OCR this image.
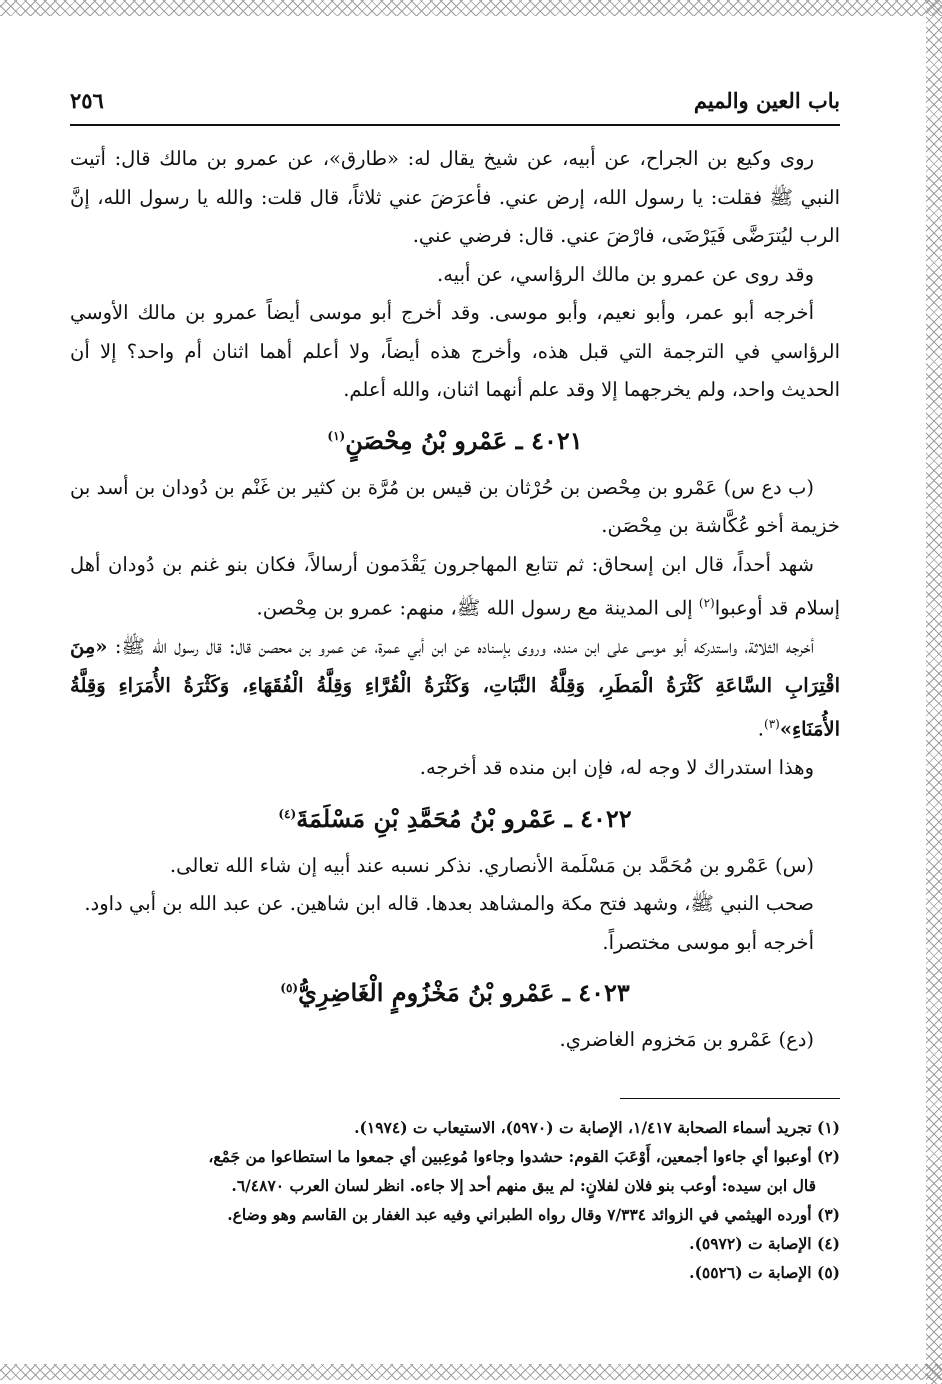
باب العين والميم
٢٥٦

روى وكيع بن الجراح، عن أبيه، عن شيخ يقال له: «طارق»، عن عمرو بن مالك قال: أتيت النبي ﷺ فقلت: يا رسول الله، إرض عني. فأعرَضَ عني ثلاثاً، قال قلت: والله يا رسول الله، إنَّ الرب ليُترَضَّى فَيَرْضَى، فارْضَ عني. قال: فرضي عني.

وقد روى عن عمرو بن مالك الرؤاسي، عن أبيه.

أخرجه أبو عمر، وأبو نعيم، وأبو موسى. وقد أخرج أبو موسى أيضاً عمرو بن مالك الأوسي الرؤاسي في الترجمة التي قبل هذه، وأخرج هذه أيضاً، ولا أعلم أهما اثنان أم واحد؟ إلا أن الحديث واحد، ولم يخرجهما إلا وقد علم أنهما اثنان، والله أعلم.

٤٠٢١ ـ عَمْرو بْنُ مِحْصَنٍ$^{(١)}$

(ب دع س) عَمْرو بن مِحْصن بن حُرْثان بن قيس بن مُرَّة بن كثير بن غَنْم بن دُودان بن أسد بن خزيمة أخو عُكَّاشة بن مِحْصَن.

شهد أحداً، قال ابن إسحاق: ثم تتابع المهاجرون يَقْدَمون أرسالاً، فكان بنو غنم بن دُودان أهل إسلام قد أوعبوا$^{(٢)}$ إلى المدينة مع رسول الله ﷺ، منهم: عمرو بن مِحْصن.

أخرجه الثلاثة، واستدركه أبو موسى على ابن منده، وروى بإسناده عن ابن أبي عمرة، عن عمرو بن محصن قال: قال رسول الله ﷺ: «مِنَ اقْتِرَابِ السَّاعَةِ كَثْرَةُ الْمَطَرِ، وَقِلَّةُ النَّبَاتِ، وَكَثْرَةُ الْقُرَّاءِ وَقِلَّةُ الْفُقَهَاءِ، وَكَثْرَةُ الأُمَرَاءِ وَقِلَّةُ الأُمَنَاءِ»$^{(٣)}$.

وهذا استدراك لا وجه له، فإن ابن منده قد أخرجه.

٤٠٢٢ ـ عَمْرو بْنُ مُحَمَّدِ بْنِ مَسْلَمَةَ$^{(٤)}$

(س) عَمْرو بن مُحَمَّد بن مَسْلَمة الأنصاري. نذكر نسبه عند أبيه إن شاء الله تعالى.

صحب النبي ﷺ، وشهد فتح مكة والمشاهد بعدها. قاله ابن شاهين. عن عبد الله بن أبي داود.

أخرجه أبو موسى مختصراً.

٤٠٢٣ ـ عَمْرو بْنُ مَخْزُومٍ الْغَاضِرِيُّ$^{(٥)}$

(دع) عَمْرو بن مَخزوم الغاضري.

(١) تجريد أسماء الصحابة ١/٤١٧، الإصابة ت (٥٩٧٠)، الاستيعاب ت (١٩٧٤).

(٢) أوعبوا أي جاءوا أجمعين، أَوْعَبَ القوم: حشدوا وجاءوا مُوعِبين أي جمعوا ما استطاعوا من جَمْع،

قال ابن سيده: أوعب بنو فلان لفلانٍ: لم يبق منهم أحد إلا جاءه. انظر لسان العرب ٦/٤٨٧٠.

(٣) أورده الهيثمي في الزوائد ٧/٣٣٤ وقال رواه الطبراني وفيه عبد الغفار بن القاسم وهو وضاع.

(٤) الإصابة ت (٥٩٧٢).

(٥) الإصابة ت (٥٥٢٦).
